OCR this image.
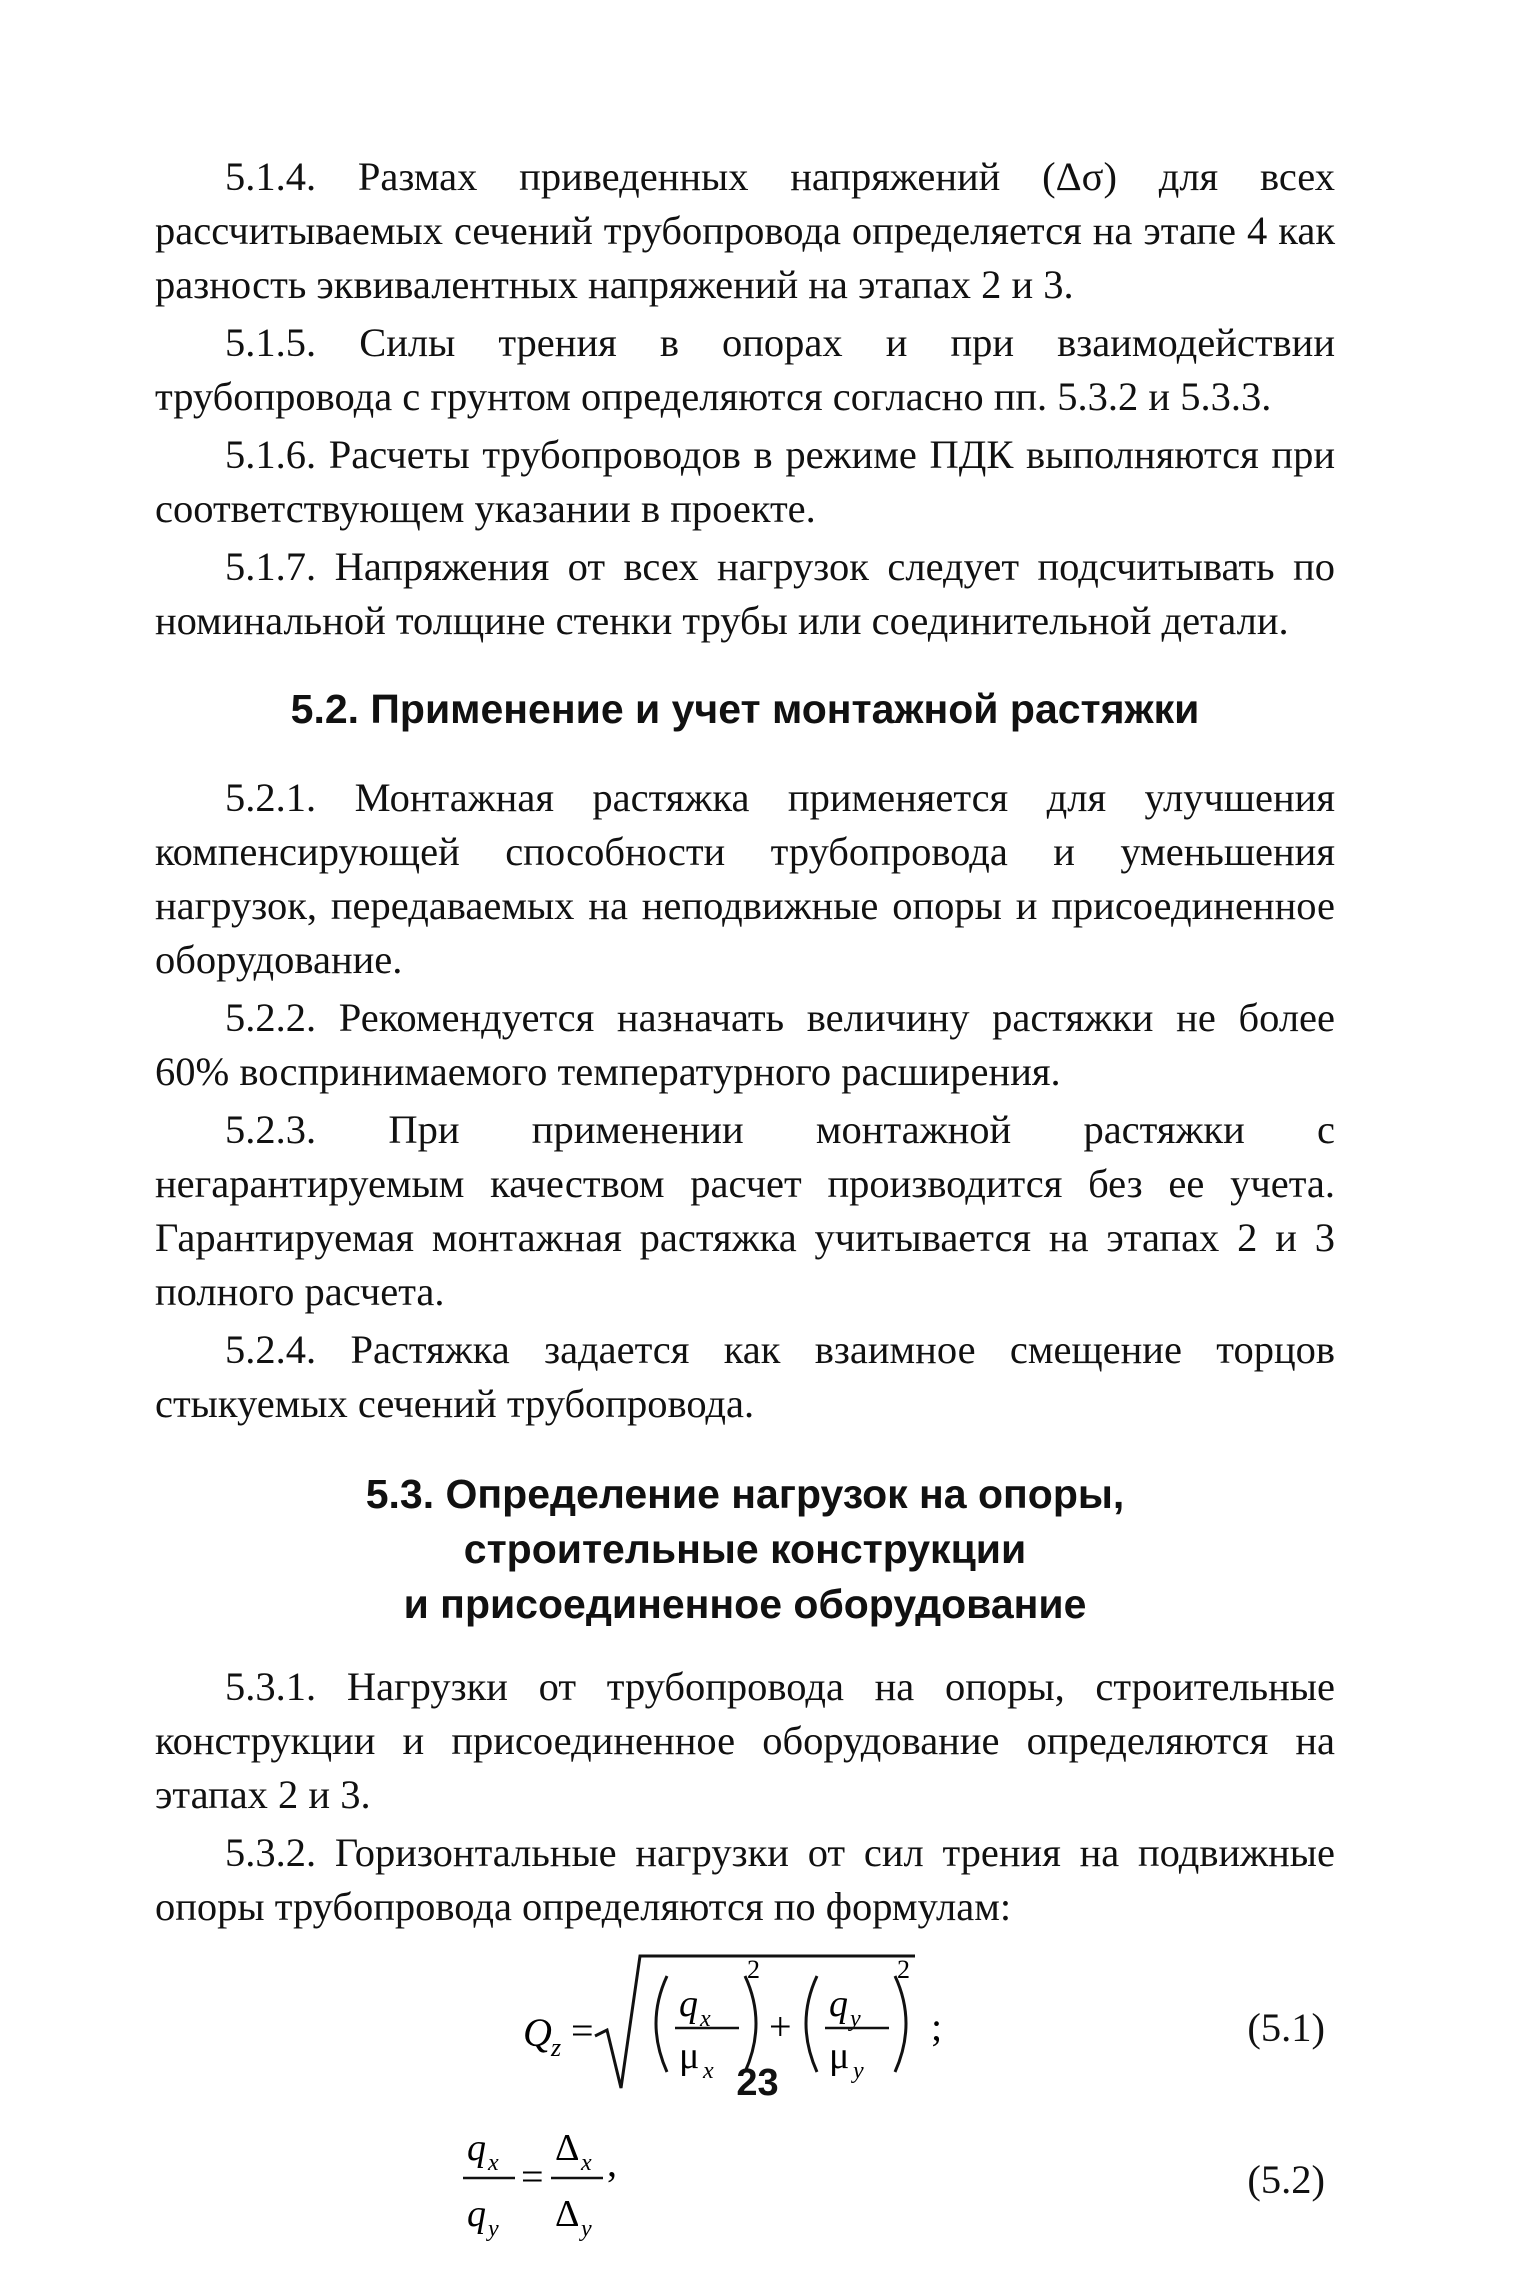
5.1.4. Размах приведенных напряжений (Δσ) для всех рассчитываемых сечений трубопровода определяется на этапе 4 как разность эквивалентных напряжений на этапах 2 и 3.

5.1.5. Силы трения в опорах и при взаимодействии трубопровода с грунтом определяются согласно пп. 5.3.2 и 5.3.3.

5.1.6. Расчеты трубопроводов в режиме ПДК выполняются при соответствующем указании в проекте.

5.1.7. Напряжения от всех нагрузок следует подсчитывать по номинальной толщине стенки трубы или соединительной детали.

5.2. Применение и учет монтажной растяжки

5.2.1. Монтажная растяжка применяется для улучшения компенсирующей способности трубопровода и уменьшения нагрузок, передаваемых на неподвижные опоры и присоединенное оборудование.

5.2.2. Рекомендуется назначать величину растяжки не более 60% воспринимаемого температурного расширения.

5.2.3. При применении монтажной растяжки с негарантируемым качеством расчет производится без ее учета. Гарантируемая монтажная растяжка учитывается на этапах 2 и 3 полного расчета.

5.2.4. Растяжка задается как взаимное смещение торцов стыкуемых сечений трубопровода.

5.3. Определение нагрузок на опоры,
строительные конструкции
и присоединенное оборудование

5.3.1. Нагрузки от трубопровода на опоры, строительные конструкции и присоединенное оборудование определяются на этапах 2 и 3.

5.3.2. Горизонтальные нагрузки от сил трения на подвижные опоры трубопровода определяются по формулам:

Q z =
q x
μ x
2
+ q y
μ y
2
;	(5.1)
q x
q y
=
Δ x
Δ y
,	(5.2)
23
